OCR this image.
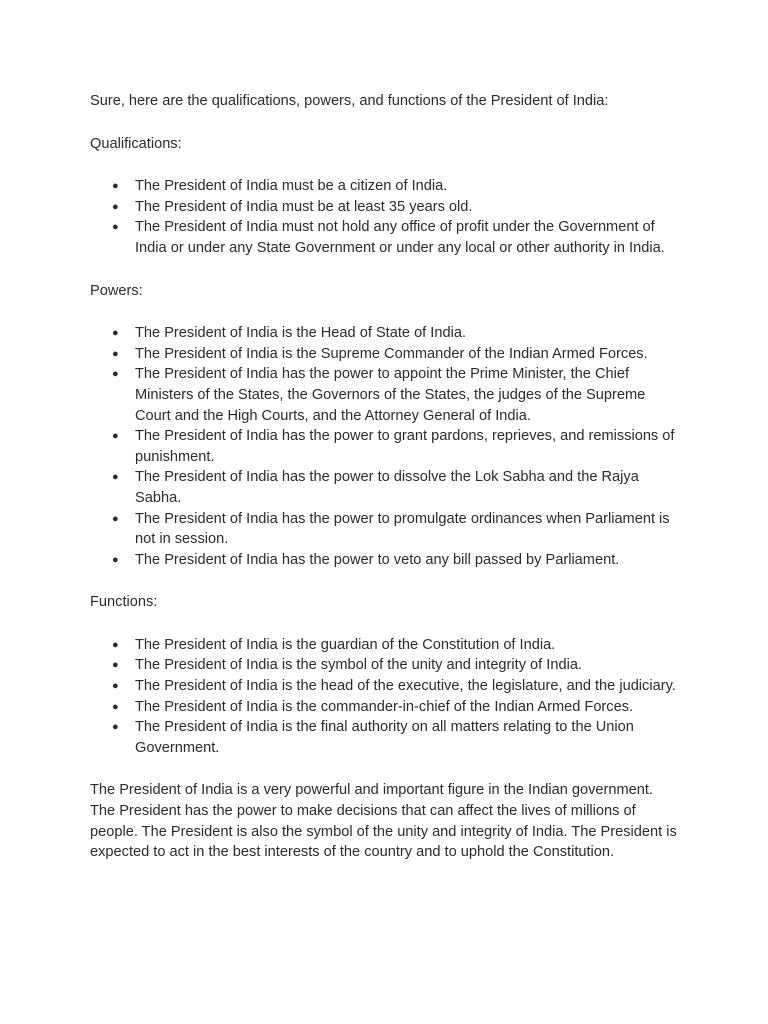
Sure, here are the qualifications, powers, and functions of the President of India:

Qualifications:

● The President of India must be a citizen of India.
● The President of India must be at least 35 years old.
● The President of India must not hold any office of profit under the Government of India or under any State Government or under any local or other authority in India.

Powers:

● The President of India is the Head of State of India.
● The President of India is the Supreme Commander of the Indian Armed Forces.
● The President of India has the power to appoint the Prime Minister, the Chief Ministers of the States, the Governors of the States, the judges of the Supreme Court and the High Courts, and the Attorney General of India.
● The President of India has the power to grant pardons, reprieves, and remissions of punishment.
● The President of India has the power to dissolve the Lok Sabha and the Rajya Sabha.
● The President of India has the power to promulgate ordinances when Parliament is not in session.
● The President of India has the power to veto any bill passed by Parliament.

Functions:

● The President of India is the guardian of the Constitution of India.
● The President of India is the symbol of the unity and integrity of India.
● The President of India is the head of the executive, the legislature, and the judiciary.
● The President of India is the commander-in-chief of the Indian Armed Forces.
● The President of India is the final authority on all matters relating to the Union Government.

The President of India is a very powerful and important figure in the Indian government. The President has the power to make decisions that can affect the lives of millions of people. The President is also the symbol of the unity and integrity of India. The President is expected to act in the best interests of the country and to uphold the Constitution.
